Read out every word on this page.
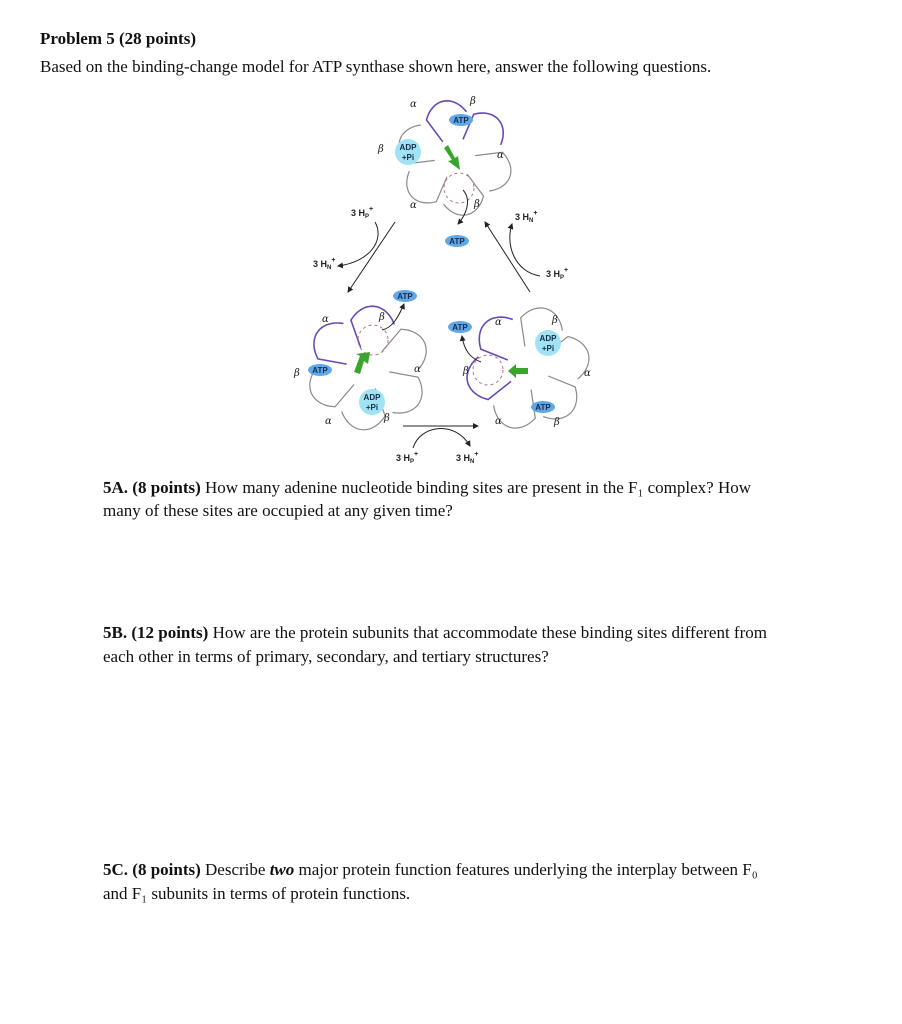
Problem 5 (28 points)
Based on the binding-change model for ATP synthase shown here, answer the following questions.
α	β
ATP
β ADP
+Pi	α
α	β
ATP
ATP
α	β
α
β ATP
ADP
+Pi
α	β
ATP	α	β
ADP
+Pi
β	α
ATP
α	β
3 $H_P^+$
3 $H_N^+$
3 $H_N^+$
3 $H_P^+$
3 $H_P^+$	3 $H_N^+$
5A. (8 points) How many adenine nucleotide binding sites are present in the F₁ complex? How
many of these sites are occupied at any given time?
5B. (12 points) How are the protein subunits that accommodate these binding sites different from
each other in terms of primary, secondary, and tertiary structures?
5C. (8 points) Describe two major protein function features underlying the interplay between F₀
and F₁ subunits in terms of protein functions.
